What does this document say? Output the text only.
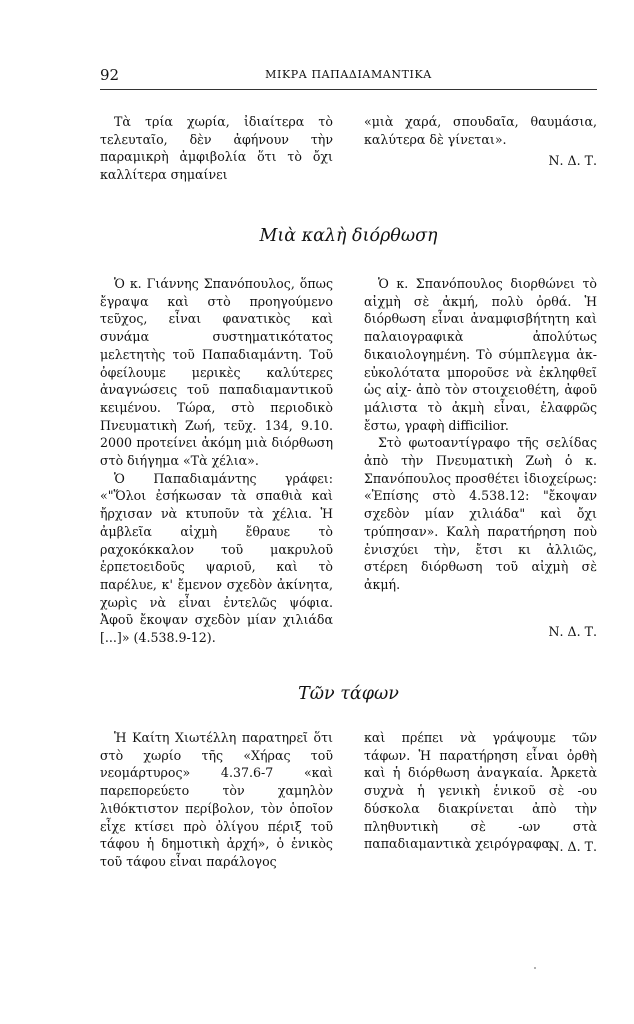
92	ΜΙΚΡΑ ΠΑΠΑΔΙΑΜΑΝΤΙΚΑ

Τὰ τρία χωρία, ἰδιαίτερα τὸ τελευταῖο, δὲν ἀφήνουν τὴν παραμικρὴ ἀμφιβολία ὅτι τὸ ὄχι καλλίτερα σημαίνει

«μιὰ χαρά, σπουδαῖα, θαυμάσια, καλύτερα δὲ γίνεται».

Ν. Δ. Τ.
Μιὰ καλὴ διόρθωση

Ὁ κ. Γιάννης Σπανόπουλος, ὅπως ἔγραψα καὶ στὸ προηγούμενο τεῦχος, εἶναι φανατικὸς καὶ συνάμα συστηματικότατος μελετητὴς τοῦ Παπαδιαμάντη. Τοῦ ὀφείλουμε μερικὲς καλύτερες ἀναγνώσεις τοῦ παπαδιαμαντικοῦ κειμένου. Τώρα, στὸ περιοδικὸ Πνευματικὴ Ζωή, τεῦχ. 134, 9.10. 2000 προτείνει ἀκόμη μιὰ διόρθωση στὸ διήγημα «Τὰ χέλια».

Ὁ Παπαδιαμάντης γράφει: «"Ὅλοι ἐσήκωσαν τὰ σπαθιὰ καὶ ἤρχισαν νὰ κτυποῦν τὰ χέλια. Ἡ ἀμβλεῖα αἰχμὴ ἔθραυε τὸ ραχοκόκκαλον τοῦ μακρυλοῦ ἑρπετοειδοῦς ψαριοῦ, καὶ τὸ παρέλυε, κ' ἔμενον σχεδὸν ἀκίνητα, χωρὶς νὰ εἶναι ἐντελῶς ψόφια. Ἀφοῦ ἔκοψαν σχεδὸν μίαν χιλιάδα [...]» (4.538.9-12).

Ὁ κ. Σπανόπουλος διορθώνει τὸ αἰχμὴ σὲ ἀκμή, πολὺ ὀρθά. Ἡ διόρθωση εἶναι ἀναμφισβήτητη καὶ παλαιογραφικὰ ἀπολύτως δικαιολογημένη. Τὸ σύμπλεγμα ἀκ- εὐκολότατα μποροῦσε νὰ ἐκληφθεῖ ὡς αἰχ- ἀπὸ τὸν στοιχειοθέτη, ἀφοῦ μάλιστα τὸ ἀκμὴ εἶναι, ἐλαφρῶς ἔστω, γραφὴ difficilior.

Στὸ φωτοαντίγραφο τῆς σελίδας ἀπὸ τὴν Πνευματικὴ Ζωὴ ὁ κ. Σπανόπουλος προσθέτει ἰδιοχείρως: «Ἐπίσης στὸ 4.538.12: "ἔκοψαν σχεδὸν μίαν χιλιάδα" καὶ ὄχι τρύπησαν». Καλὴ παρατήρηση ποὺ ἐνισχύει τὴν, ἔτσι κι ἀλλιῶς, στέρεη διόρθωση τοῦ αἰχμὴ σὲ ἀκμή.

Ν. Δ. Τ.
Τῶν τάφων

Ἡ Καίτη Χιωτέλλη παρατηρεῖ ὅτι στὸ χωρίο τῆς «Χήρας τοῦ νεομάρτυρος» 4.37.6-7 «καὶ παρεπορεύετο τὸν χαμηλὸν λιθόκτιστον περίβολον, τὸν ὁποῖον εἶχε κτίσει πρὸ ὀλίγου πέριξ τοῦ τάφου ἡ δημοτικὴ ἀρχή», ὁ ἑνικὸς τοῦ τάφου εἶναι παράλογος

καὶ πρέπει νὰ γράψουμε τῶν τάφων. Ἡ παρατήρηση εἶναι ὀρθὴ καὶ ἡ διόρθωση ἀναγκαία. Ἀρκετὰ συχνὰ ἡ γενικὴ ἑνικοῦ σὲ -ου δύσκολα διακρίνεται ἀπὸ τὴν πληθυντικὴ σὲ -ων στὰ παπαδιαμαντικὰ χειρόγραφα.

Ν. Δ. Τ.
